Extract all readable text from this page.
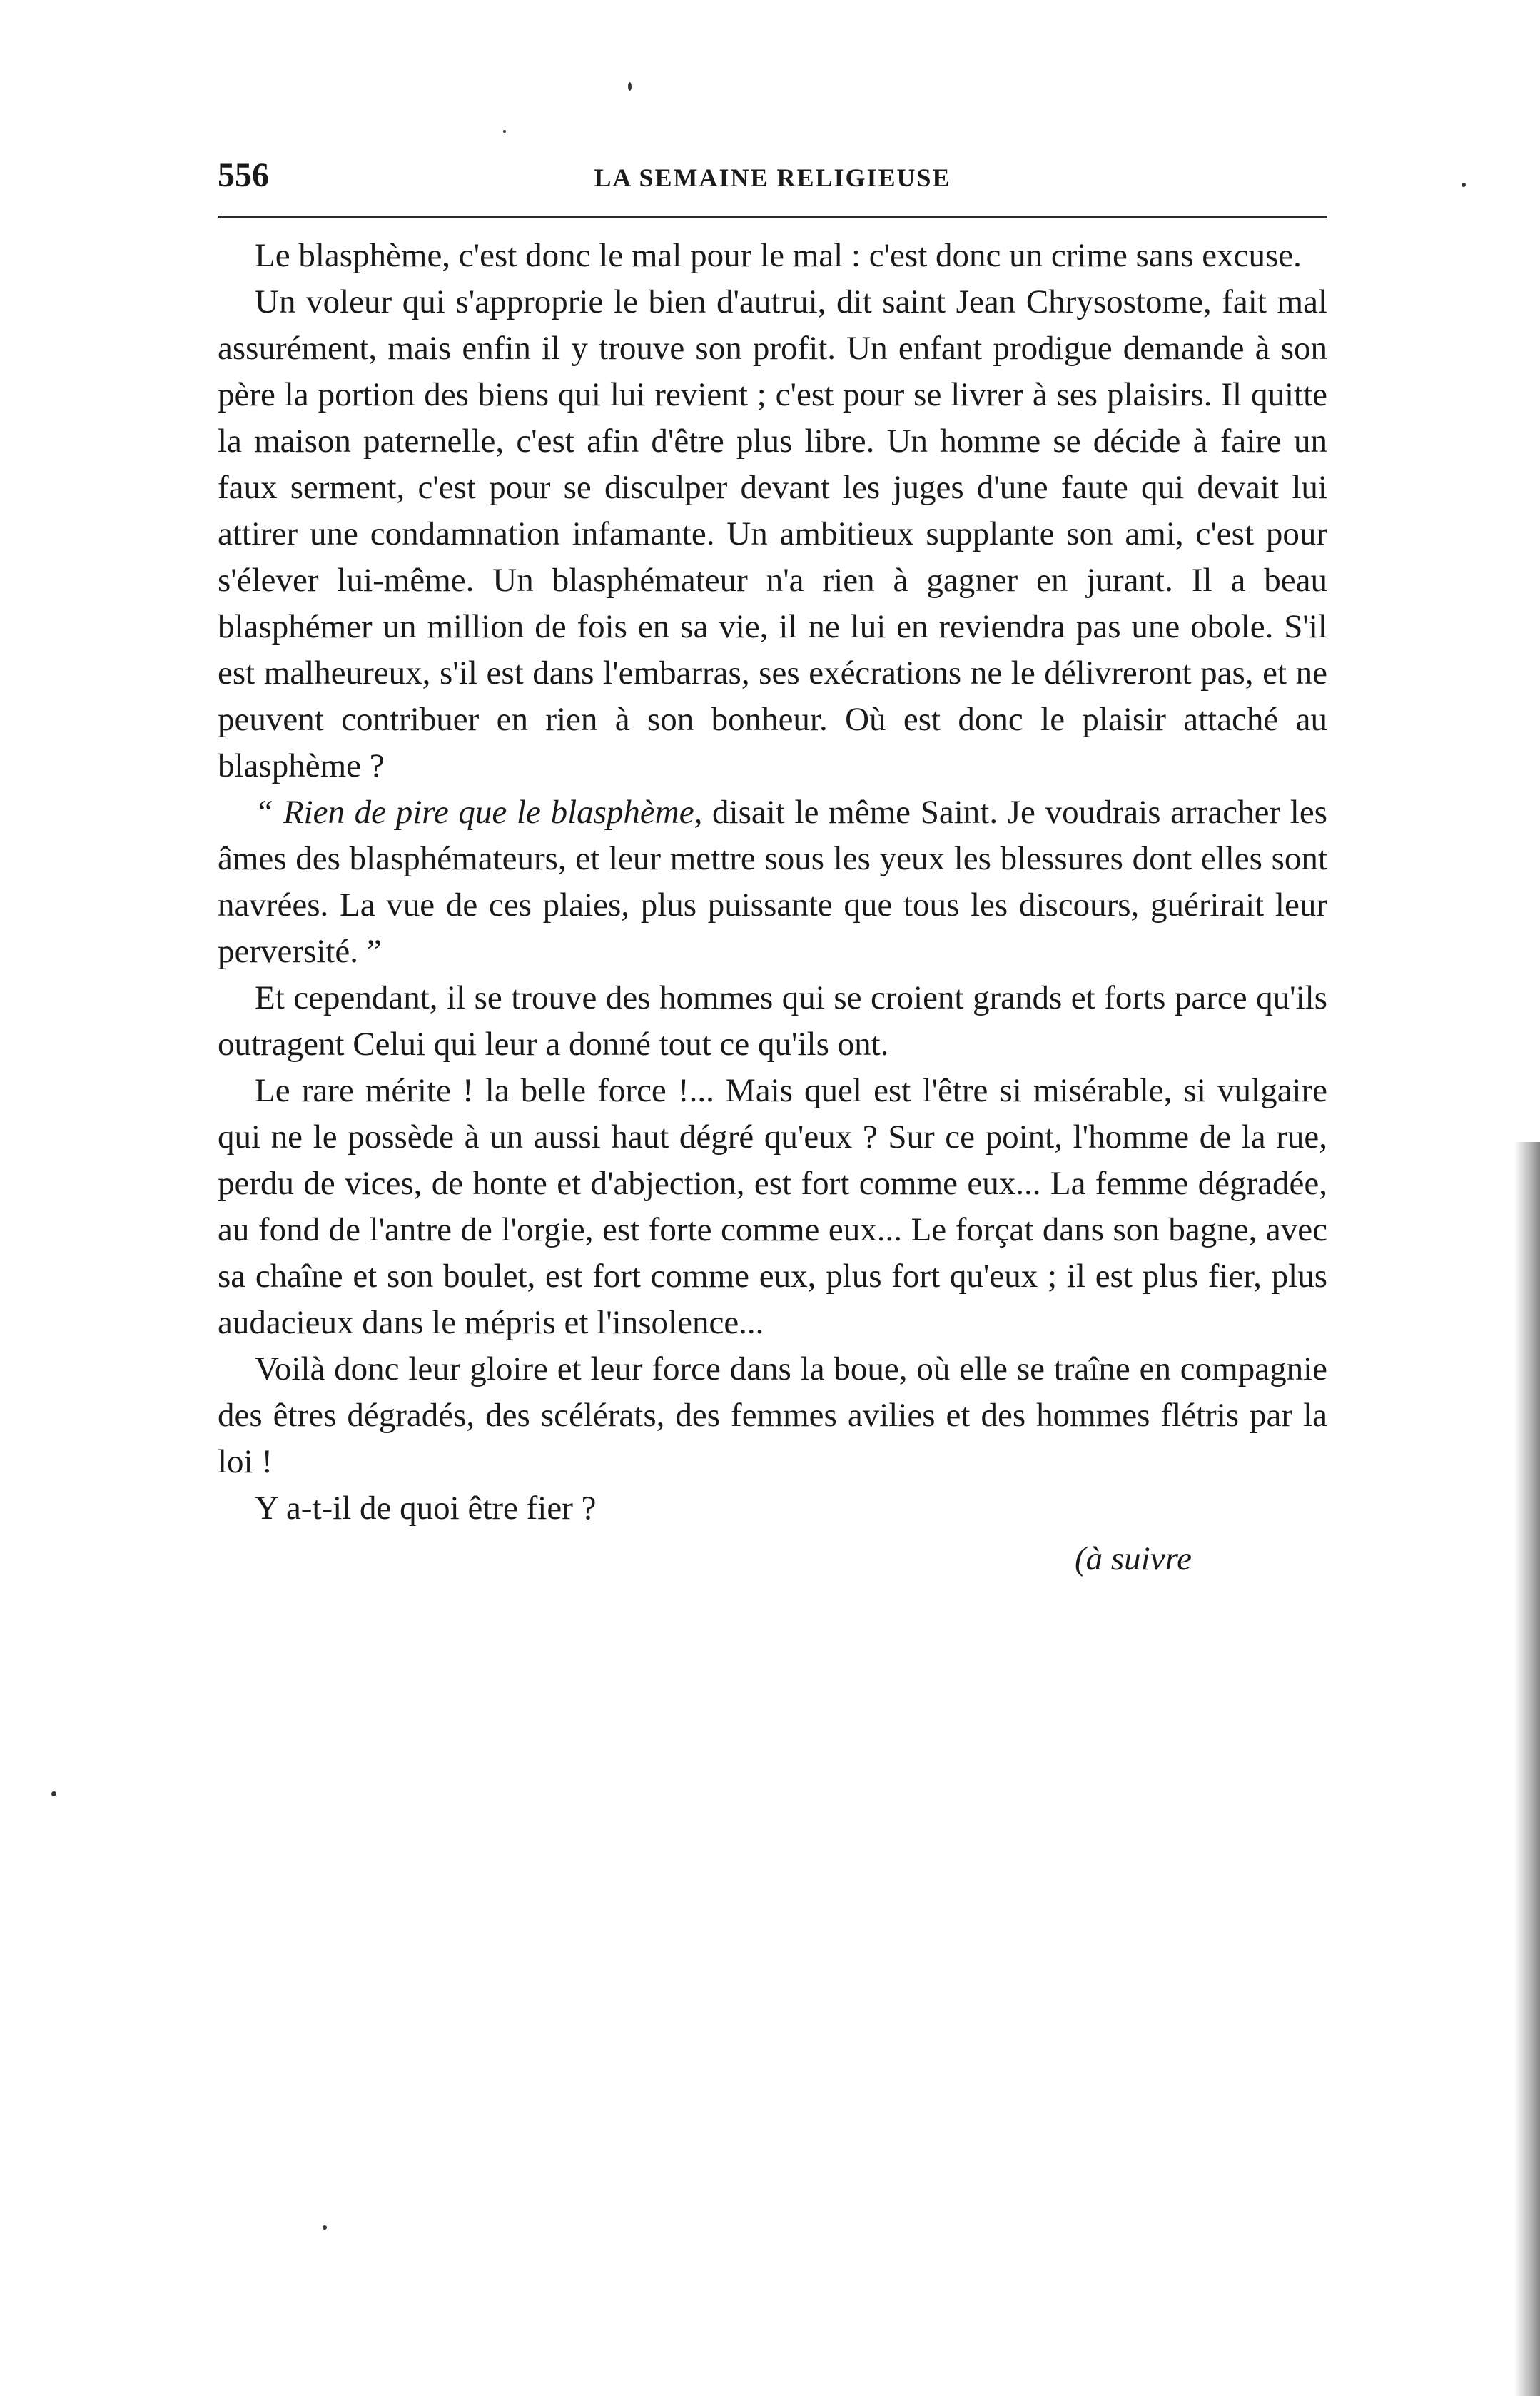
556	LA SEMAINE RELIGIEUSE

Le blasphème, c'est donc le mal pour le mal : c'est donc un crime sans excuse.

Un voleur qui s'approprie le bien d'autrui, dit saint Jean Chrysostome, fait mal assurément, mais enfin il y trouve son profit. Un enfant prodigue demande à son père la portion des biens qui lui revient ; c'est pour se livrer à ses plaisirs. Il quitte la maison paternelle, c'est afin d'être plus libre. Un homme se décide à faire un faux serment, c'est pour se disculper devant les juges d'une faute qui devait lui attirer une condamnation infamante. Un ambitieux supplante son ami, c'est pour s'élever lui-même. Un blasphémateur n'a rien à gagner en jurant. Il a beau blasphémer un million de fois en sa vie, il ne lui en reviendra pas une obole. S'il est malheureux, s'il est dans l'embarras, ses exécrations ne le délivreront pas, et ne peuvent contribuer en rien à son bonheur. Où est donc le plaisir attaché au blasphème ?

“ Rien de pire que le blasphème, disait le même Saint. Je voudrais arracher les âmes des blasphémateurs, et leur mettre sous les yeux les blessures dont elles sont navrées. La vue de ces plaies, plus puissante que tous les discours, guérirait leur perversité. ”

Et cependant, il se trouve des hommes qui se croient grands et forts parce qu'ils outragent Celui qui leur a donné tout ce qu'ils ont.

Le rare mérite ! la belle force !... Mais quel est l'être si misérable, si vulgaire qui ne le possède à un aussi haut dégré qu'eux ? Sur ce point, l'homme de la rue, perdu de vices, de honte et d'abjection, est fort comme eux... La femme dégradée, au fond de l'antre de l'orgie, est forte comme eux... Le forçat dans son bagne, avec sa chaîne et son boulet, est fort comme eux, plus fort qu'eux ; il est plus fier, plus audacieux dans le mépris et l'insolence...

Voilà donc leur gloire et leur force dans la boue, où elle se traîne en compagnie des êtres dégradés, des scélérats, des femmes avilies et des hommes flétris par la loi !

Y a-t-il de quoi être fier ?

(à suivre
